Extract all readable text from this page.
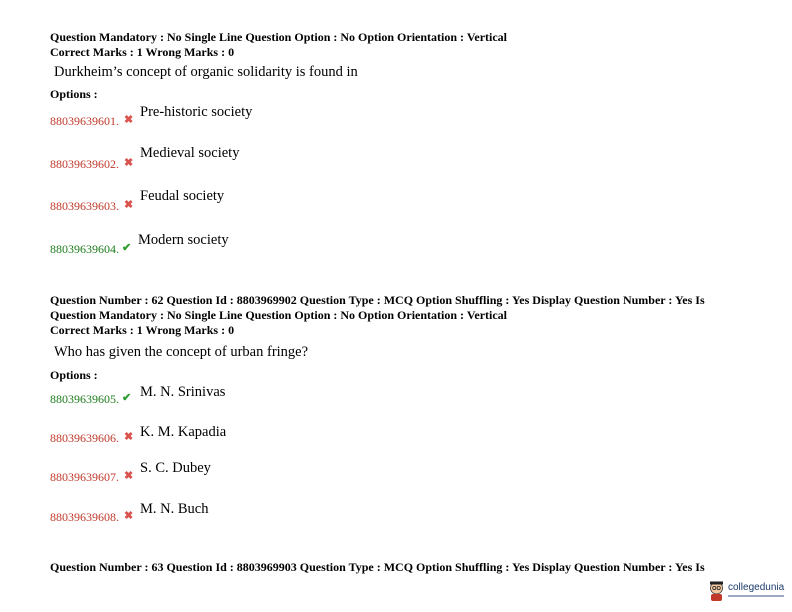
Question Mandatory : No Single Line Question Option : No Option Orientation : Vertical
Correct Marks : 1 Wrong Marks : 0
Durkheim’s concept of organic solidarity is found in
Options :
88039639601. ✖ Pre-historic society
88039639602. ✖
Medieval society
88039639603. ✖
Feudal society
88039639604. ✔ Modern society
Question Number : 62 Question Id : 8803969902 Question Type : MCQ Option Shuffling : Yes Display Question Number : Yes Is
Question Mandatory : No Single Line Question Option : No Option Orientation : Vertical
Correct Marks : 1 Wrong Marks : 0
Who has given the concept of urban fringe?
Options :
88039639605. ✔ M. N. Srinivas
88039639606. ✖ K. M. Kapadia
88039639607. ✖ S. C. Dubey
88039639608. ✖ M. N. Buch
Question Number : 63 Question Id : 8803969903 Question Type : MCQ Option Shuffling : Yes Display Question Number : Yes Is
collegedunia
